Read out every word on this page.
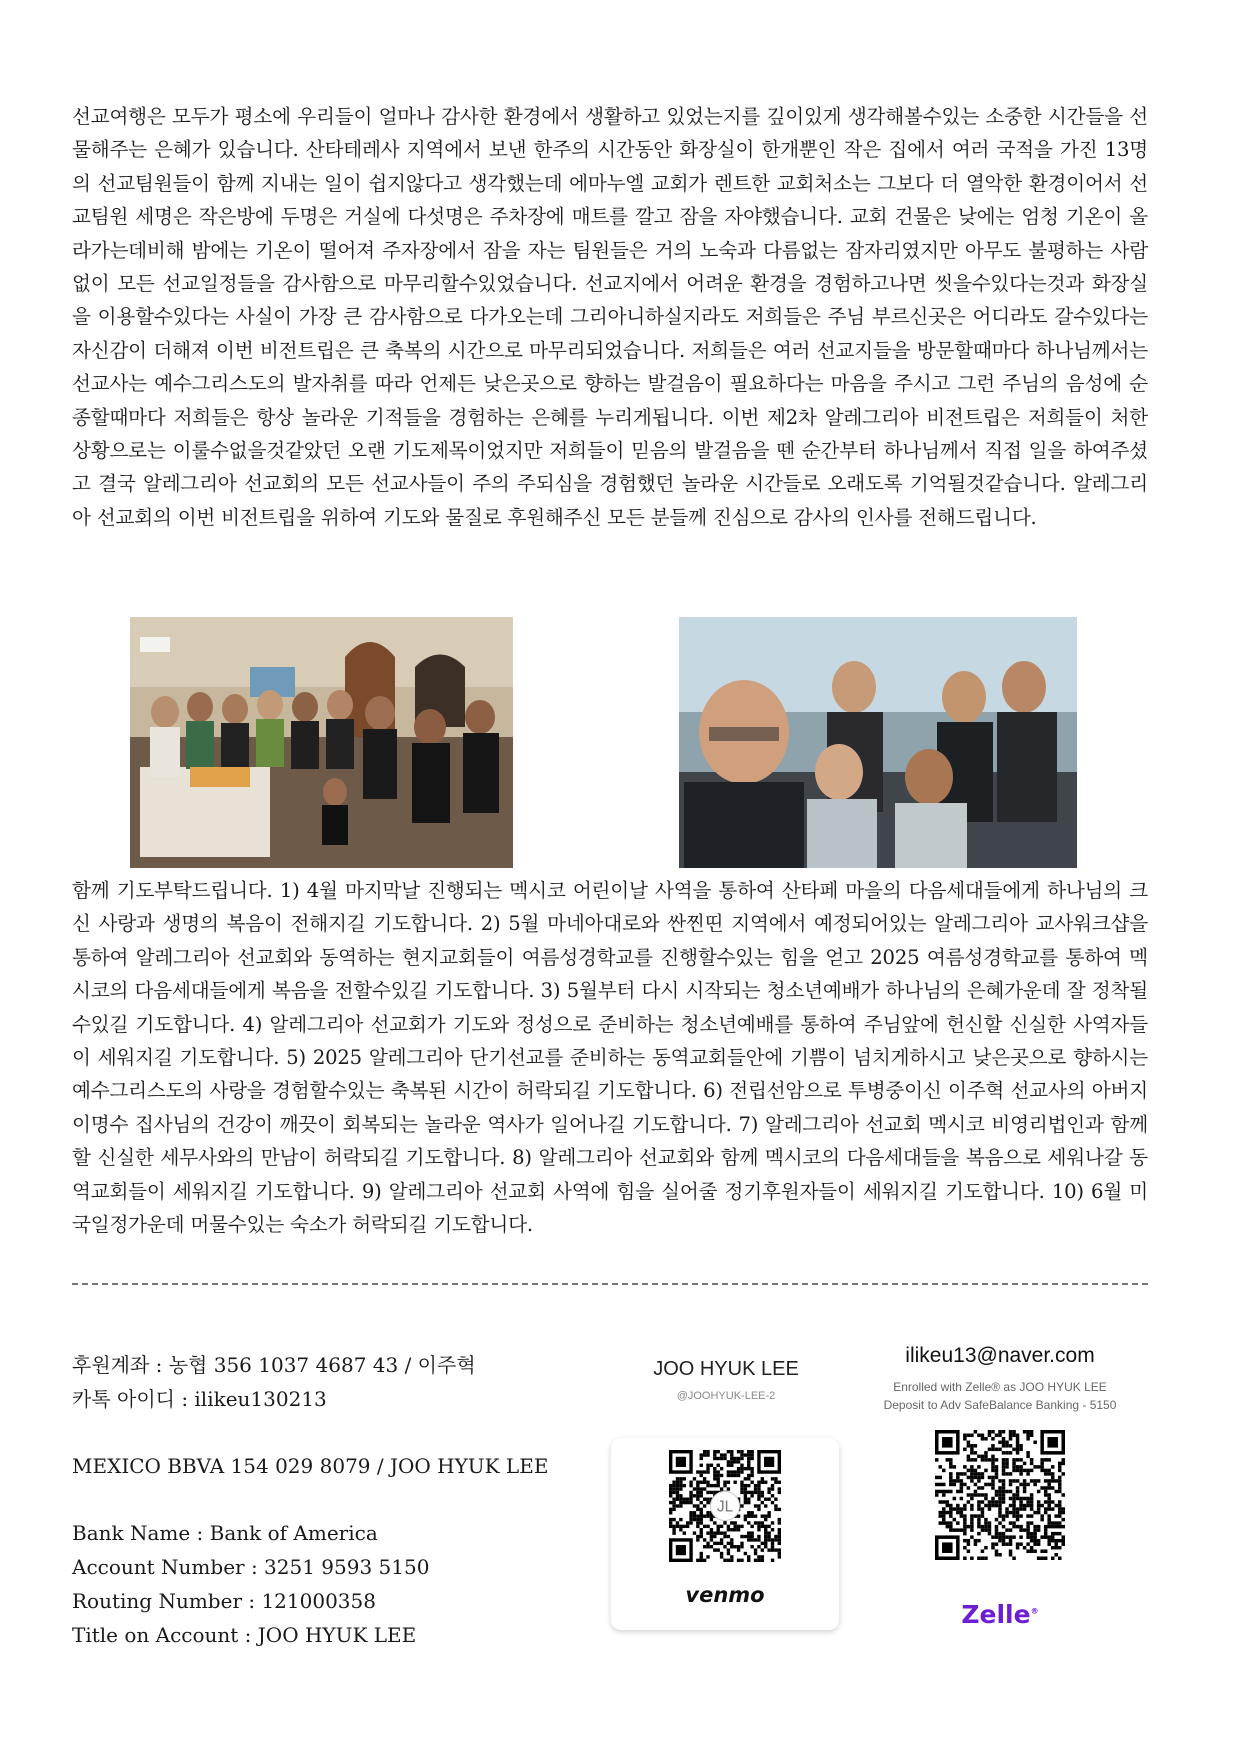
선교여행은 모두가 평소에 우리들이 얼마나 감사한 환경에서 생활하고 있었는지를 깊이있게 생각해볼수있는 소중한 시간들을 선물해주는 은혜가 있습니다. 산타테레사 지역에서 보낸 한주의 시간동안 화장실이 한개뿐인 작은 집에서 여러 국적을 가진 13명의 선교팀원들이 함께 지내는 일이 쉽지않다고 생각했는데 에마누엘 교회가 렌트한 교회처소는 그보다 더 열악한 환경이어서 선교팀원 세명은 작은방에 두명은 거실에 다섯명은 주차장에 매트를 깔고 잠을 자야했습니다. 교회 건물은 낮에는 엄청 기온이 올라가는데비해 밤에는 기온이 떨어져 주자장에서 잠을 자는 팀원들은 거의 노숙과 다름없는 잠자리였지만 아무도 불평하는 사람없이 모든 선교일정들을 감사함으로 마무리할수있었습니다. 선교지에서 어려운 환경을 경험하고나면 씻을수있다는것과 화장실을 이용할수있다는 사실이 가장 큰 감사함으로 다가오는데 그리아니하실지라도 저희들은 주님 부르신곳은 어디라도 갈수있다는 자신감이 더해져 이번 비전트립은 큰 축복의 시간으로 마무리되었습니다. 저희들은 여러 선교지들을 방문할때마다 하나님께서는 선교사는 예수그리스도의 발자취를 따라 언제든 낮은곳으로 향하는 발걸음이 필요하다는 마음을 주시고 그런 주님의 음성에 순종할때마다 저희들은 항상 놀라운 기적들을 경험하는 은혜를 누리게됩니다. 이번 제2차 알레그리아 비전트립은 저희들이 처한 상황으로는 이룰수없을것같았던 오랜 기도제목이었지만 저희들이 믿음의 발걸음을 뗀 순간부터 하나님께서 직접 일을 하여주셨고 결국 알레그리아 선교회의 모든 선교사들이 주의 주되심을 경험했던 놀라운 시간들로 오래도록 기억될것같습니다. 알레그리아 선교회의 이번 비전트립을 위하여 기도와 물질로 후원해주신 모든 분들께 진심으로 감사의 인사를 전해드립니다.

함께 기도부탁드립니다. 1) 4월 마지막날 진행되는 멕시코 어린이날 사역을 통하여 산타페 마을의 다음세대들에게 하나님의 크신 사랑과 생명의 복음이 전해지길 기도합니다. 2) 5월 마네아대로와 싼찐띤 지역에서 예정되어있는 알레그리아 교사워크샵을 통하여 알레그리아 선교회와 동역하는 현지교회들이 여름성경학교를 진행할수있는 힘을 얻고 2025 여름성경학교를 통하여 멕시코의 다음세대들에게 복음을 전할수있길 기도합니다. 3) 5월부터 다시 시작되는 청소년예배가 하나님의 은혜가운데 잘 정착될수있길 기도합니다. 4) 알레그리아 선교회가 기도와 정성으로 준비하는 청소년예배를 통하여 주님앞에 헌신할 신실한 사역자들이 세워지길 기도합니다. 5) 2025 알레그리아 단기선교를 준비하는 동역교회들안에 기쁨이 넘치게하시고 낮은곳으로 향하시는 예수그리스도의 사랑을 경험할수있는 축복된 시간이 허락되길 기도합니다. 6) 전립선암으로 투병중이신 이주혁 선교사의 아버지 이명수 집사님의 건강이 깨끗이 회복되는 놀라운 역사가 일어나길 기도합니다. 7) 알레그리아 선교회 멕시코 비영리법인과 함께할 신실한 세무사와의 만남이 허락되길 기도합니다. 8) 알레그리아 선교회와 함께 멕시코의 다음세대들을 복음으로 세워나갈 동역교회들이 세워지길 기도합니다. 9) 알레그리아 선교회 사역에 힘을 실어줄 정기후원자들이 세워지길 기도합니다. 10) 6월 미국일정가운데 머물수있는 숙소가 허락되길 기도합니다.

후원계좌 : 농협 356 1037 4687 43 / 이주혁
카톡 아이디 : ilikeu130213
MEXICO BBVA 154 029 8079 / JOO HYUK LEE
Bank Name : Bank of America
Account Number : 3251 9593 5150
Routing Number : 121000358
Title on Account : JOO HYUK LEE
JOO HYUK LEE
@JOOHYUK-LEE-2
JL
venmo
ilikeu13@naver.com
Enrolled with Zelle® as JOO HYUK LEE
Deposit to Adv SafeBalance Banking - 5150
Zelle®
